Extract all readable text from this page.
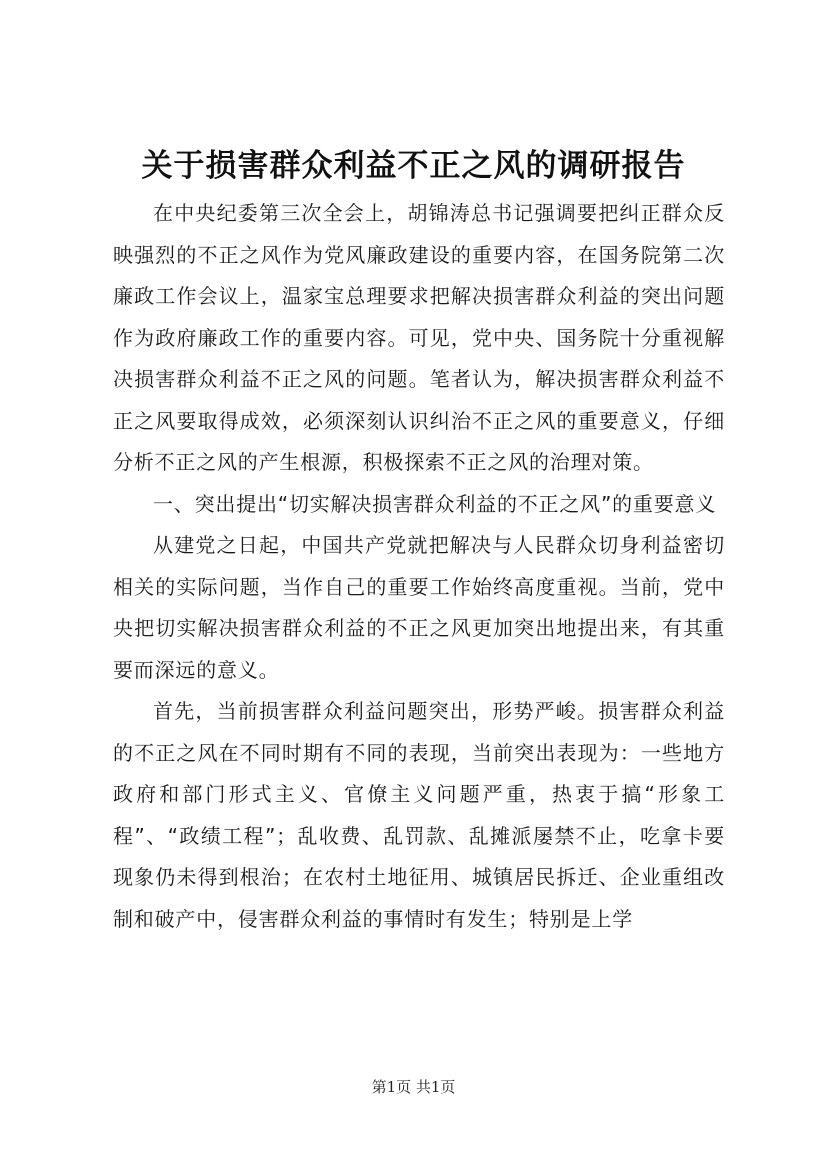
关于损害群众利益不正之风的调研报告

在中央纪委第三次全会上，胡锦涛总书记强调要把纠正群众反映强烈的不正之风作为党风廉政建设的重要内容，在国务院第二次廉政工作会议上，温家宝总理要求把解决损害群众利益的突出问题作为政府廉政工作的重要内容。可见，党中央、国务院十分重视解决损害群众利益不正之风的问题。笔者认为，解决损害群众利益不正之风要取得成效，必须深刻认识纠治不正之风的重要意义，仔细分析不正之风的产生根源，积极探索不正之风的治理对策。

一、突出提出“切实解决损害群众利益的不正之风”的重要意义

从建党之日起，中国共产党就把解决与人民群众切身利益密切相关的实际问题，当作自己的重要工作始终高度重视。当前，党中央把切实解决损害群众利益的不正之风更加突出地提出来，有其重要而深远的意义。

首先，当前损害群众利益问题突出，形势严峻。损害群众利益的不正之风在不同时期有不同的表现，当前突出表现为：一些地方政府和部门形式主义、官僚主义问题严重，热衷于搞“形象工程”、“政绩工程”；乱收费、乱罚款、乱摊派屡禁不止，吃拿卡要现象仍未得到根治；在农村土地征用、城镇居民拆迁、企业重组改制和破产中，侵害群众利益的事情时有发生；特别是上学

第1页 共1页
